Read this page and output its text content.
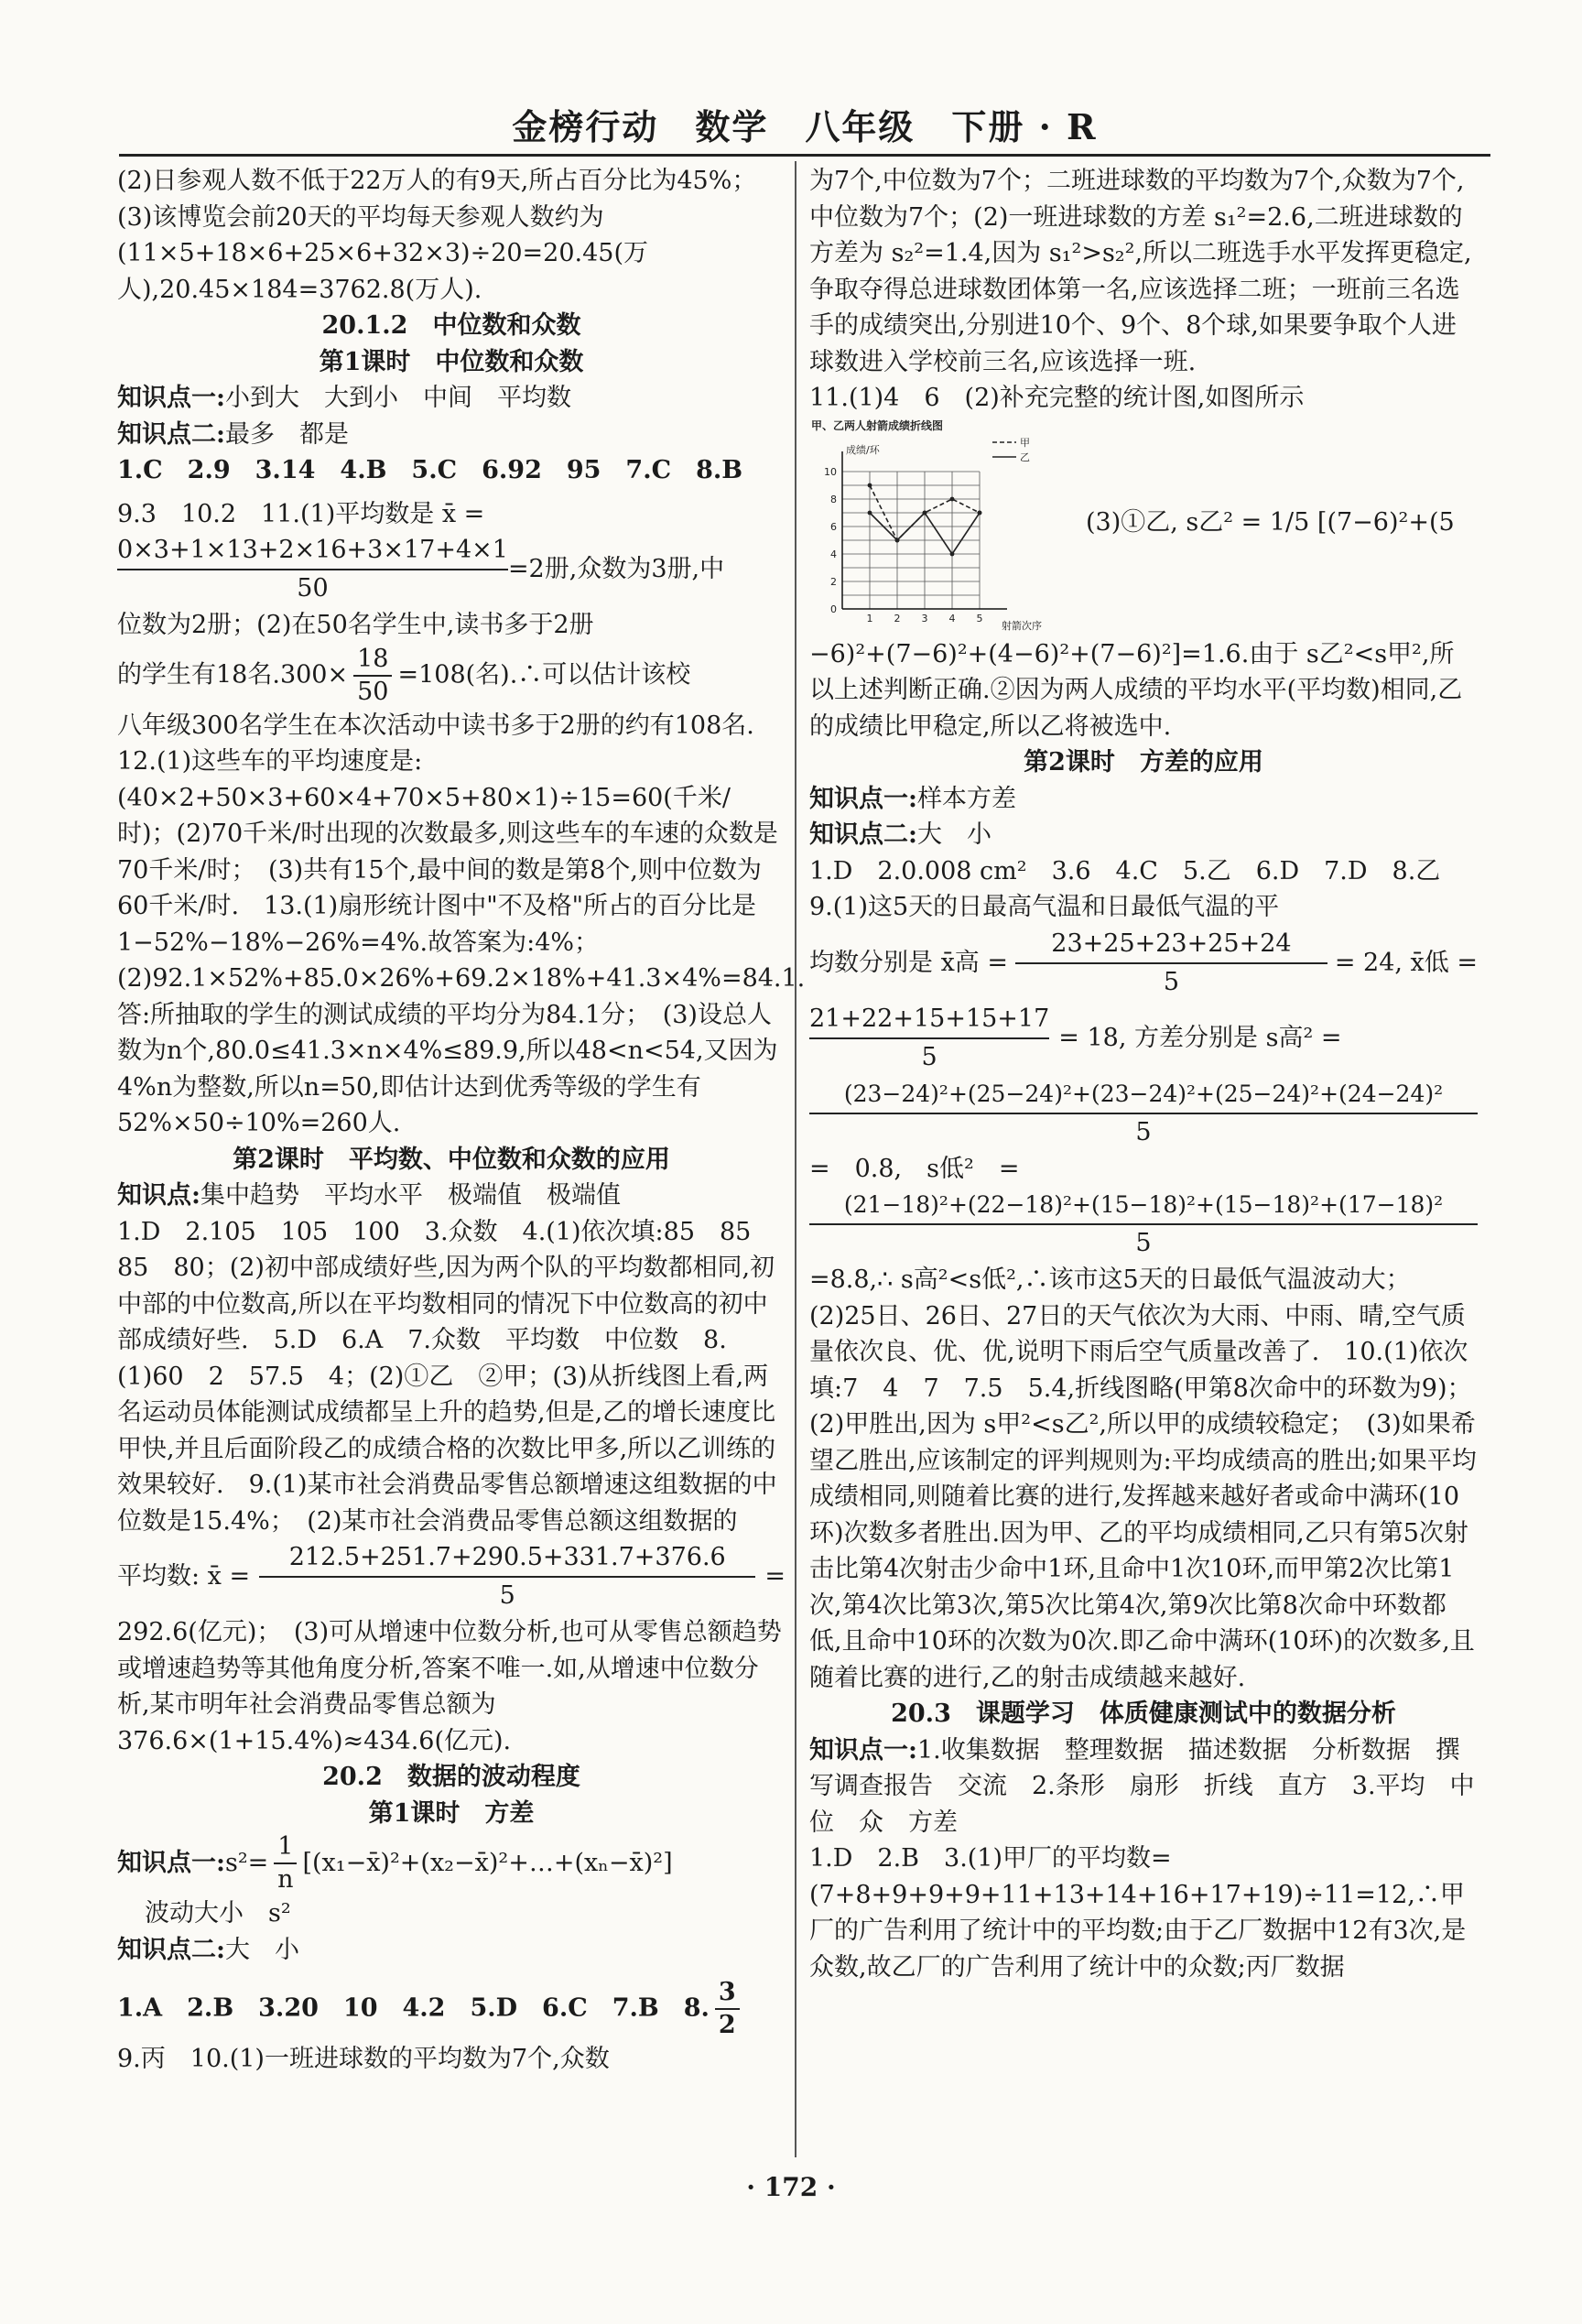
金榜行动　数学　八年级　下册 · R

(2)日参观人数不低于22万人的有9天,所占百分比为45%；　(3)该博览会前20天的平均每天参观人数约为(11×5+18×6+25×6+32×3)÷20=20.45(万人),20.45×184=3762.8(万人).

20.1.2　中位数和众数

第1课时　中位数和众数

知识点一:小到大　大到小　中间　平均数

知识点二:最多　都是

1.C　2.9　3.14　4.B　5.C　6.92　95　7.C　8.B

9.3　10.2　11.(1)平均数是 x̄ =

$\frac{0\times 3+1\times 13+2\times 16+3\times 17+4\times 1}{50} =2$册,众数为3册,中

位数为2册；(2)在50名学生中,读书多于2册

的学生有18名$.300\times \frac{18}{50} =108$(名).∴可以估计该校

八年级300名学生在本次活动中读书多于2册的约有108名.　12.(1)这些车的平均速度是:(40×2+50×3+60×4+70×5+80×1)÷15=60(千米/时)；(2)70千米/时出现的次数最多,则这些车的车速的众数是70千米/时；　(3)共有15个,最中间的数是第8个,则中位数为60千米/时.　13.(1)扇形统计图中"不及格"所占的百分比是1−52%−18%−26%=4%.故答案为:4%；　(2)92.1×52%+85.0×26%+69.2×18%+41.3×4%=84.1.答:所抽取的学生的测试成绩的平均分为84.1分；　(3)设总人数为n个,80.0≤41.3×n×4%≤89.9,所以48<n<54,又因为4%n为整数,所以n=50,即估计达到优秀等级的学生有52%×50÷10%=260人.

第2课时　平均数、中位数和众数的应用

知识点:集中趋势　平均水平　极端值　极端值

1.D　2.105　105　100　3.众数　4.(1)依次填:85　85　85　80；(2)初中部成绩好些,因为两个队的平均数都相同,初中部的中位数高,所以在平均数相同的情况下中位数高的初中部成绩好些.　5.D　6.A　7.众数　平均数　中位数　8.(1)60　2　57.5　4；(2)①乙　②甲；(3)从折线图上看,两名运动员体能测试成绩都呈上升的趋势,但是,乙的增长速度比甲快,并且后面阶段乙的成绩合格的次数比甲多,所以乙训练的效果较好.　9.(1)某市社会消费品零售总额增速这组数据的中位数是15.4%；　(2)某市社会消费品零售总额这组数据的

平均数: x̄ = $\frac{212.5+251.7+290.5+331.7+376.6}{5}$ =

292.6(亿元)；　(3)可从增速中位数分析,也可从零售总额趋势或增速趋势等其他角度分析,答案不唯一.如,从增速中位数分析,某市明年社会消费品零售总额为376.6×(1+15.4%)≈434.6(亿元).

20.2　数据的波动程度

第1课时　方差

知识点一: $s^2= \frac{1}{n}$ [(x₁−x̄)²+(x₂−x̄)²+…+(xₙ−x̄)²]

波动大小　s²

知识点二:大　小

1.A　2.B　3.20　10　4.2　5.D　6.C　7.B　8. $\frac{3}{2}$

9.丙　10.(1)一班进球数的平均数为7个,众数

为7个,中位数为7个；二班进球数的平均数为7个,众数为7个,中位数为7个；(2)一班进球数的方差 s₁²=2.6,二班进球数的方差为 s₂²=1.4,因为 s₁²>s₂²,所以二班选手水平发挥更稳定,争取夺得总进球数团体第一名,应该选择二班；一班前三名选手的成绩突出,分别进10个、9个、8个球,如果要争取个人进球数进入学校前三名,应该选择一班.

11.(1)4　6　(2)补充完整的统计图,如图所示

甲、乙两人射箭成绩折线图
0
2
4
6
8
10
1 2 3 4 5
甲
乙
成绩/环
射箭次序

(3)①乙, s乙² = 1/5 [(7−6)²+(5

−6)²+(7−6)²+(4−6)²+(7−6)²]=1.6.由于 s乙²<s甲²,所以上述判断正确.②因为两人成绩的平均水平(平均数)相同,乙的成绩比甲稳定,所以乙将被选中.

第2课时　方差的应用

知识点一:样本方差

知识点二:大　小

1.D　2.0.008 cm²　3.6　4.C　5.乙　6.D　7.D　8.乙　9.(1)这5天的日最高气温和日最低气温的平

均数分别是 x̄高 = $\frac{23+25+23+25+24}{5} = 24$, x̄低 =
$\frac{21+22+15+15+17}{5} = 18$, 方差分别是 s高² =
(23−24)²+(25−24)²+(23−24)²+(25−24)²+(24−24)²
5

=　0.8,　s低²　=

(21−18)²+(22−18)²+(15−18)²+(15−18)²+(17−18)²
5

=8.8,∴ s高²<s低²,∴该市这5天的日最低气温波动大；　(2)25日、26日、27日的天气依次为大雨、中雨、晴,空气质量依次良、优、优,说明下雨后空气质量改善了.　10.(1)依次填:7　4　7　7.5　5.4,折线图略(甲第8次命中的环数为9)；　(2)甲胜出,因为 s甲²<s乙²,所以甲的成绩较稳定；　(3)如果希望乙胜出,应该制定的评判规则为:平均成绩高的胜出;如果平均成绩相同,则随着比赛的进行,发挥越来越好者或命中满环(10环)次数多者胜出.因为甲、乙的平均成绩相同,乙只有第5次射击比第4次射击少命中1环,且命中1次10环,而甲第2次比第1次,第4次比第3次,第5次比第4次,第9次比第8次命中环数都低,且命中10环的次数为0次.即乙命中满环(10环)的次数多,且随着比赛的进行,乙的射击成绩越来越好.

20.3　课题学习　体质健康测试中的数据分析

知识点一:1.收集数据　整理数据　描述数据　分析数据　撰写调查报告　交流　2.条形　扇形　折线　直方　3.平均　中位　众　方差

1.D　2.B　3.(1)甲厂的平均数=(7+8+9+9+9+11+13+14+16+17+19)÷11=12,∴甲厂的广告利用了统计中的平均数;由于乙厂数据中12有3次,是众数,故乙厂的广告利用了统计中的众数;丙厂数据

· 172 ·
